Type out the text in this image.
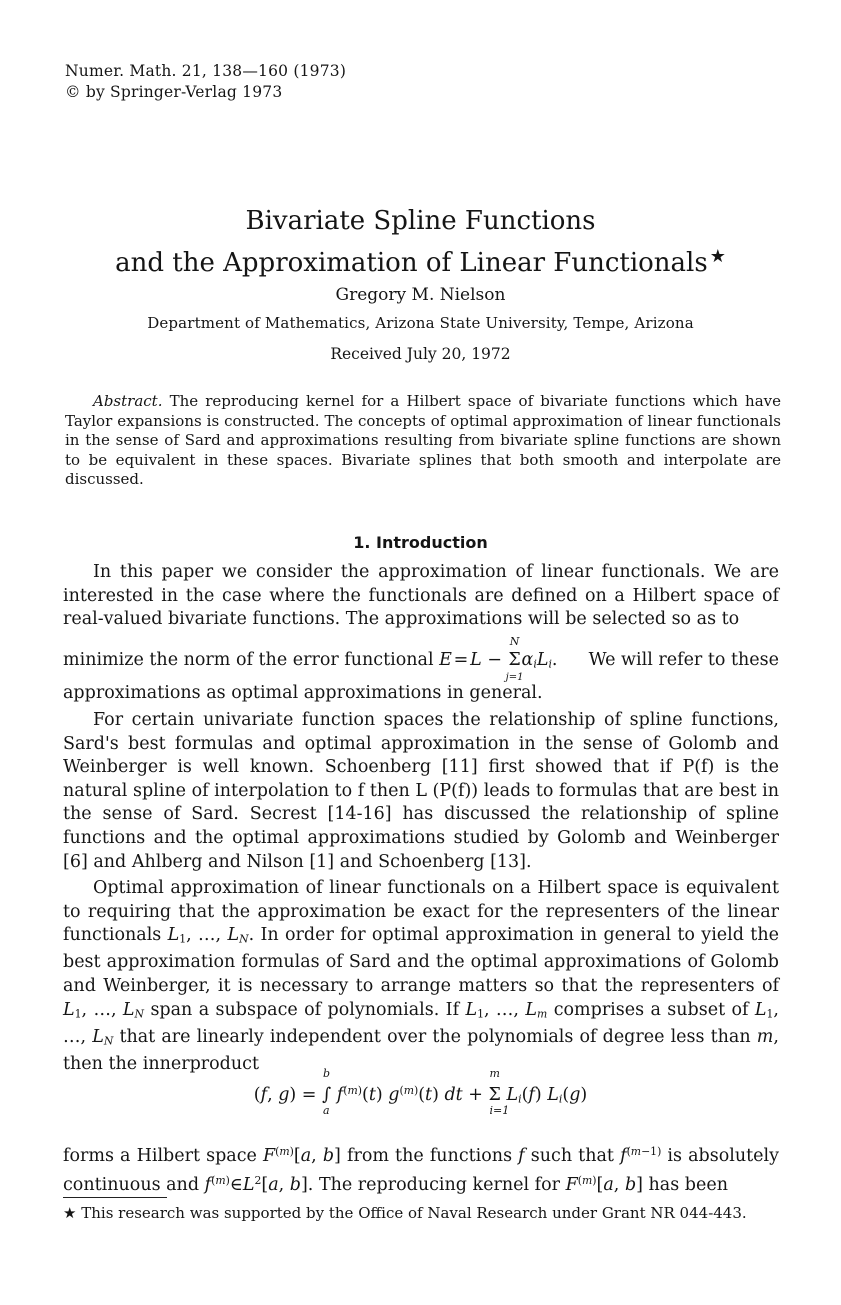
Numer. Math. 21, 138—160 (1973)
© by Springer-Verlag 1973
Bivariate Spline Functions
and the Approximation of Linear Functionals ★
Gregory M. Nielson
Department of Mathematics, Arizona State University, Tempe, Arizona
Received July 20, 1972

Abstract. The reproducing kernel for a Hilbert space of bivariate functions which have Taylor expansions is constructed. The concepts of optimal approximation of linear functionals in the sense of Sard and approximations resulting from bivariate spline functions are shown to be equivalent in these spaces. Bivariate splines that both smooth and interpolate are discussed.

1. Introduction

In this paper we consider the approximation of linear functionals. We are interested in the case where the functionals are defined on a Hilbert space of real-valued bivariate functions. The approximations will be selected so as to

minimize the norm of the error functional E = L −
N
Σ
j=1
$\alpha_iL_i$. We will refer to these

approximations as optimal approximations in general.

For certain univariate function spaces the relationship of spline functions, Sard's best formulas and optimal approximation in the sense of Golomb and Weinberger is well known. Schoenberg [11] first showed that if P(f) is the natural spline of interpolation to f then L (P(f)) leads to formulas that are best in the sense of Sard. Secrest [14-16] has discussed the relationship of spline functions and the optimal approximations studied by Golomb and Weinberger [6] and Ahlberg and Nilson [1] and Schoenberg [13].

Optimal approximation of linear functionals on a Hilbert space is equivalent to requiring that the approximation be exact for the representers of the linear functionals $L_1$, …, $L_N$. In order for optimal approximation in general to yield the best approximation formulas of Sard and the optimal approximations of Golomb and Weinberger, it is necessary to arrange matters so that the representers of $L_1$, …, $L_N$ span a subspace of polynomials. If $L_1$, …, $L_m$ comprises a subset of $L_1$, …, $L_N$ that are linearly independent over the polynomials of degree less than m, then the innerproduct

(f, g) =
b
∫
a
$f^{(m)}(t)$ $g^{(m)}(t)$ dt +
m
Σ
i=1
$L_i(f)$ $L_i(g)$

forms a Hilbert space $F^{(m)}[a$, b] from the functions f such that $f^{(m-1)}$ is absolutely continuous and $f^{(m)}\in L^2[a$, b]. The reproducing kernel for $F^{(m)}[a$, b] has been

★ This research was supported by the Office of Naval Research under Grant NR 044-443.
